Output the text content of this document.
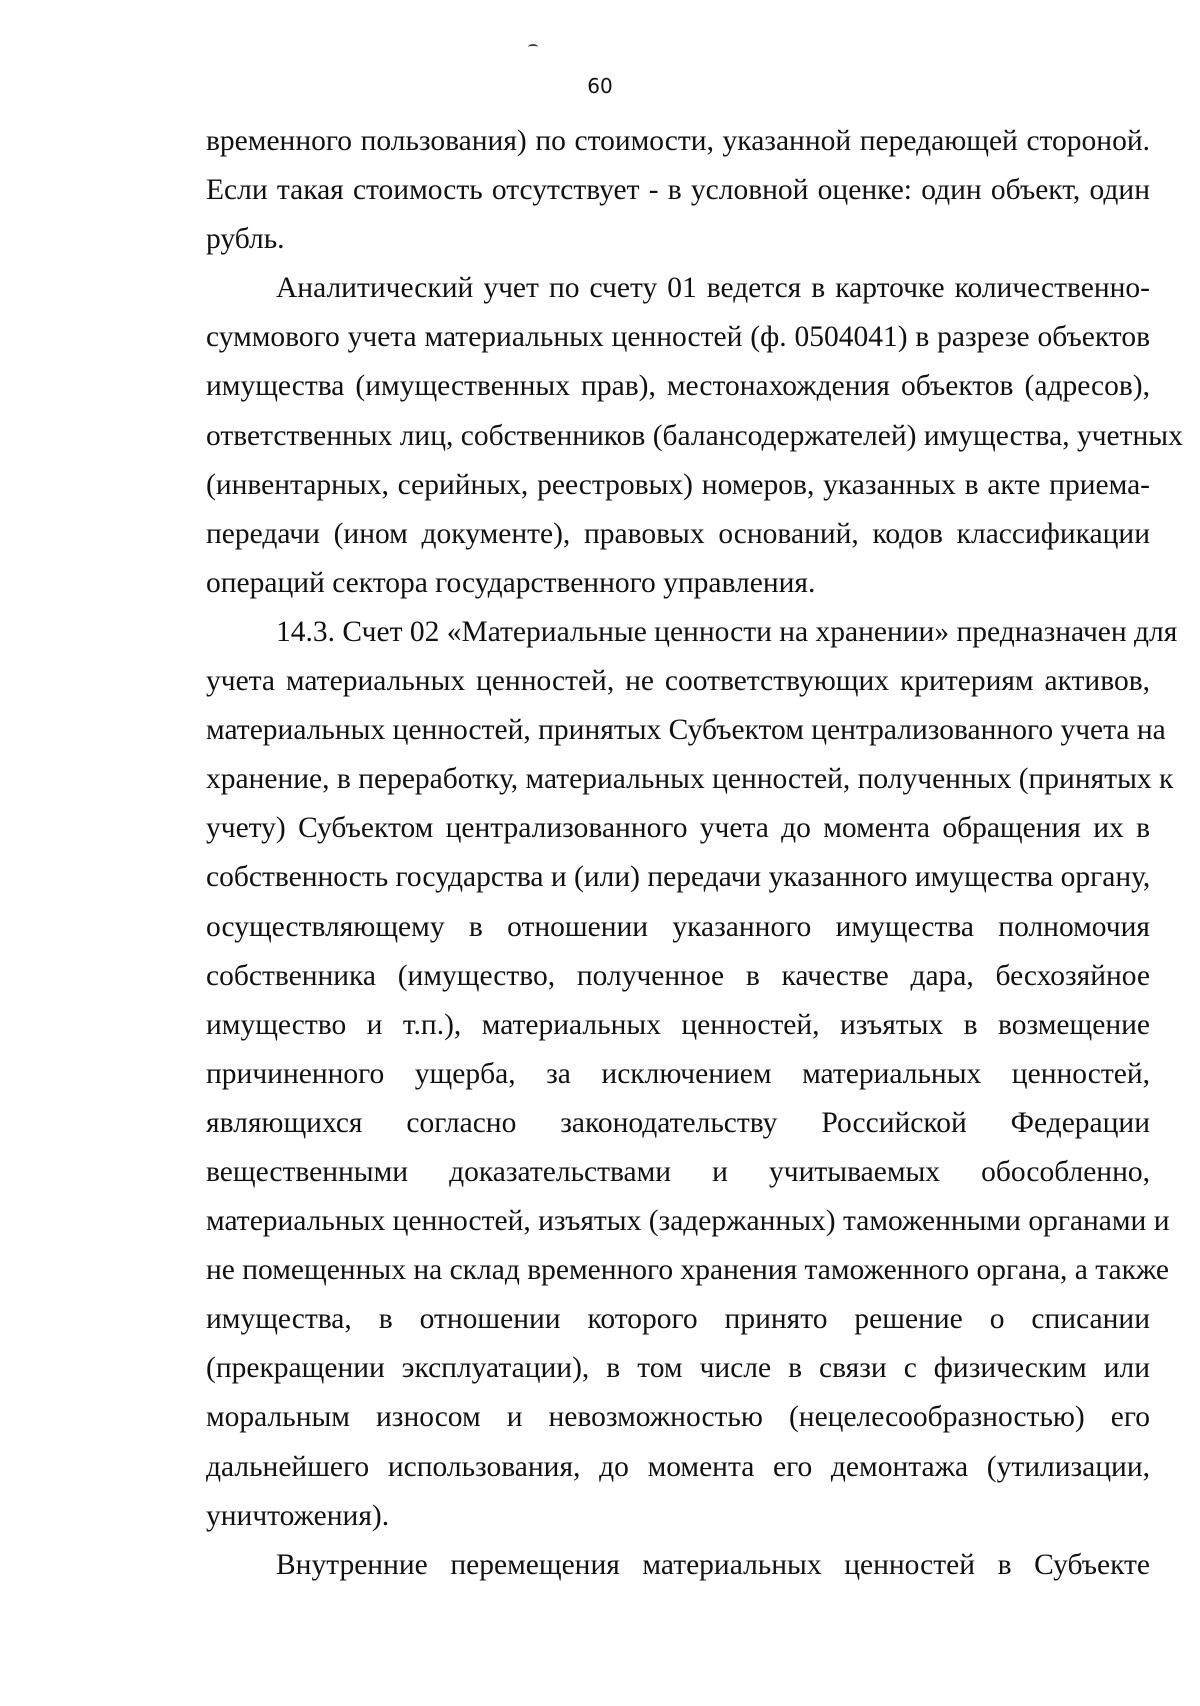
60
временного пользования) по стоимости, указанной передающей стороной.
Если такая стоимость отсутствует - в условной оценке: один объект, один
рубль.
Аналитический учет по счету 01 ведется в карточке количественно-
суммового учета материальных ценностей (ф. 0504041) в разрезе объектов
имущества (имущественных прав), местонахождения объектов (адресов),
ответственных лиц, собственников (балансодержателей) имущества, учетных
(инвентарных, серийных, реестровых) номеров, указанных в акте приема-
передачи (ином документе), правовых оснований, кодов классификации
операций сектора государственного управления.
14.3. Счет 02 «Материальные ценности на хранении» предназначен для
учета материальных ценностей, не соответствующих критериям активов,
материальных ценностей, принятых Субъектом централизованного учета на
хранение, в переработку, материальных ценностей, полученных (принятых к
учету) Субъектом централизованного учета до момента обращения их в
собственность государства и (или) передачи указанного имущества органу,
осуществляющему в отношении указанного имущества полномочия
собственника (имущество, полученное в качестве дара, бесхозяйное
имущество и т.п.), материальных ценностей, изъятых в возмещение
причиненного ущерба, за исключением материальных ценностей,
являющихся согласно законодательству Российской Федерации
вещественными доказательствами и учитываемых обособленно,
материальных ценностей, изъятых (задержанных) таможенными органами и
не помещенных на склад временного хранения таможенного органа, а также
имущества, в отношении которого принято решение о списании
(прекращении эксплуатации), в том числе в связи с физическим или
моральным износом и невозможностью (нецелесообразностью) его
дальнейшего использования, до момента его демонтажа (утилизации,
уничтожения).
Внутренние перемещения материальных ценностей в Субъекте
